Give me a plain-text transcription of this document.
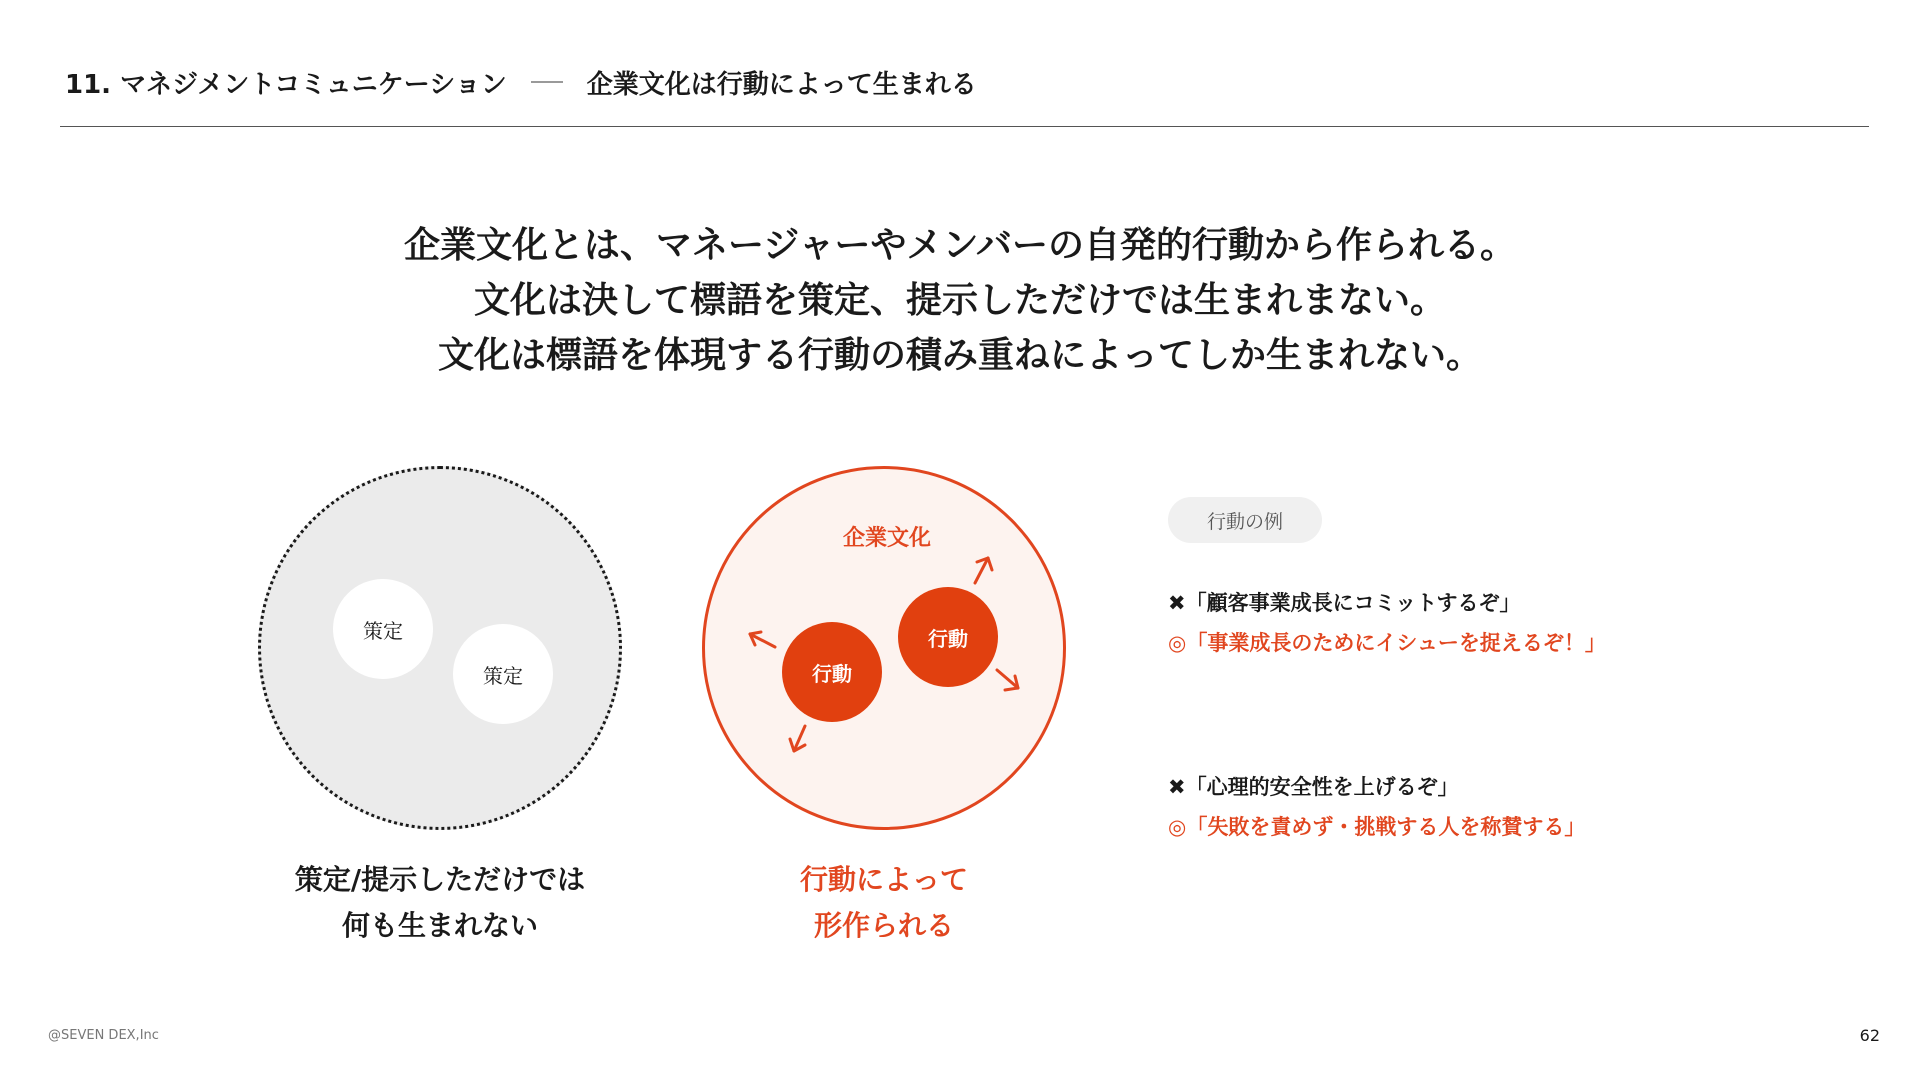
11. マネジメントコミュニケーション	企業文化は行動によって生まれる
企業文化とは、マネージャーやメンバーの自発的行動から作られる。
文化は決して標語を策定、提示しただけでは生まれまない。
文化は標語を体現する行動の積み重ねによってしか生まれない。
策定
策定
策定/提示しただけでは
何も生まれない
企業文化
行動
行動
行動によって
形作られる
行動の例
✖「顧客事業成長にコミットするぞ」
◎「事業成長のためにイシューを捉えるぞ！」
✖「心理的安全性を上げるぞ」
◎「失敗を責めず・挑戦する人を称賛する」
@SEVEN DEX,Inc	62
